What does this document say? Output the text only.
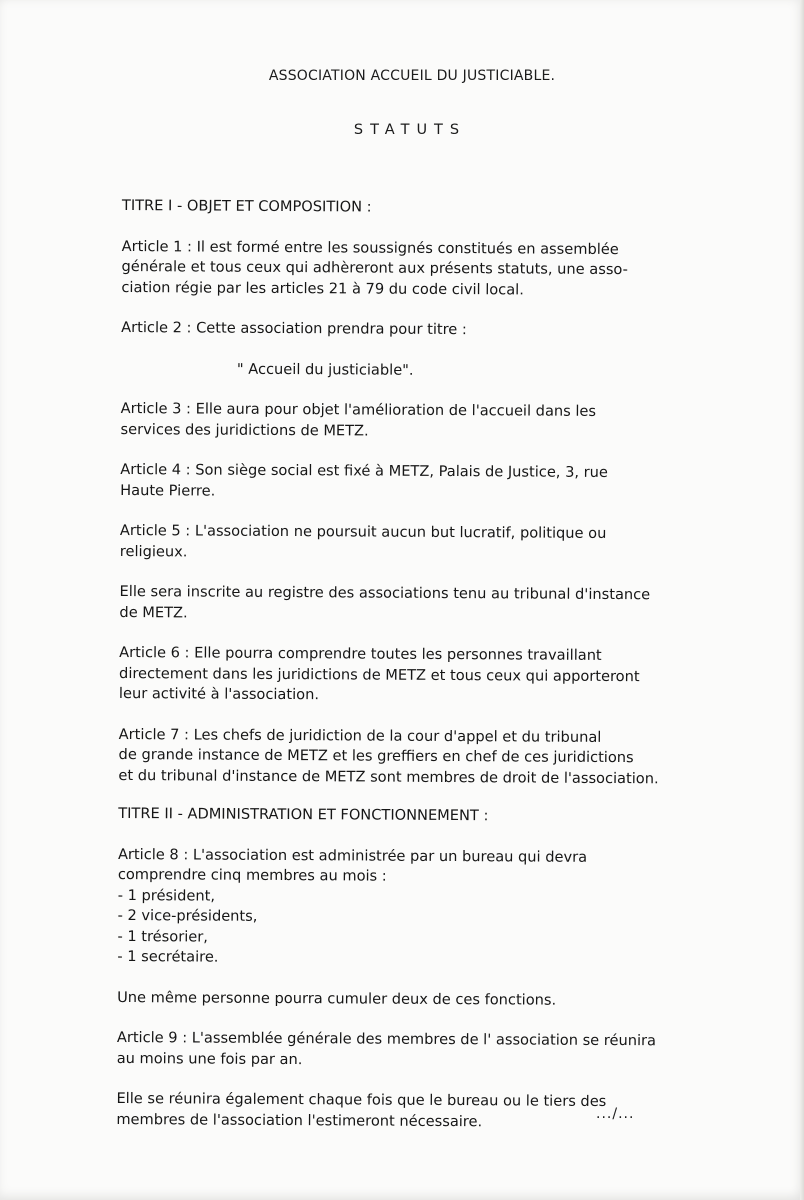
ASSOCIATION ACCUEIL DU JUSTICIABLE.
STATUTS

TITRE I - OBJET ET COMPOSITION :

Article 1 : Il est formé entre les soussignés constitués en assemblée
générale et tous ceux qui adhèreront aux présents statuts, une asso-
ciation régie par les articles 21 à 79 du code civil local.

Article 2 : Cette association prendra pour titre :

" Accueil du justiciable".

Article 3 : Elle aura pour objet l'amélioration de l'accueil dans les
services des juridictions de METZ.

Article 4 : Son siège social est fixé à METZ, Palais de Justice, 3, rue
Haute Pierre.

Article 5 : L'association ne poursuit aucun but lucratif, politique ou
religieux.

Elle sera inscrite au registre des associations tenu au tribunal d'instance
de METZ.

Article 6 : Elle pourra comprendre toutes les personnes travaillant
directement dans les juridictions de METZ et tous ceux qui apporteront
leur activité à l'association.

Article 7 : Les chefs de juridiction de la cour d'appel et du tribunal
de grande instance de METZ et les greffiers en chef de ces juridictions
et du tribunal d'instance de METZ sont membres de droit de l'association.

TITRE II - ADMINISTRATION ET FONCTIONNEMENT :

Article 8 : L'association est administrée par un bureau qui devra
comprendre cinq membres au mois :

- 1 président,
- 2 vice-présidents,
- 1 trésorier,
- 1 secrétaire.

Une même personne pourra cumuler deux de ces fonctions.

Article 9 : L'assemblée générale des membres de l' association se réunira
au moins une fois par an.

Elle se réunira également chaque fois que le bureau ou le tiers des
membres de l'association l'estimeront nécessaire.	.../...
